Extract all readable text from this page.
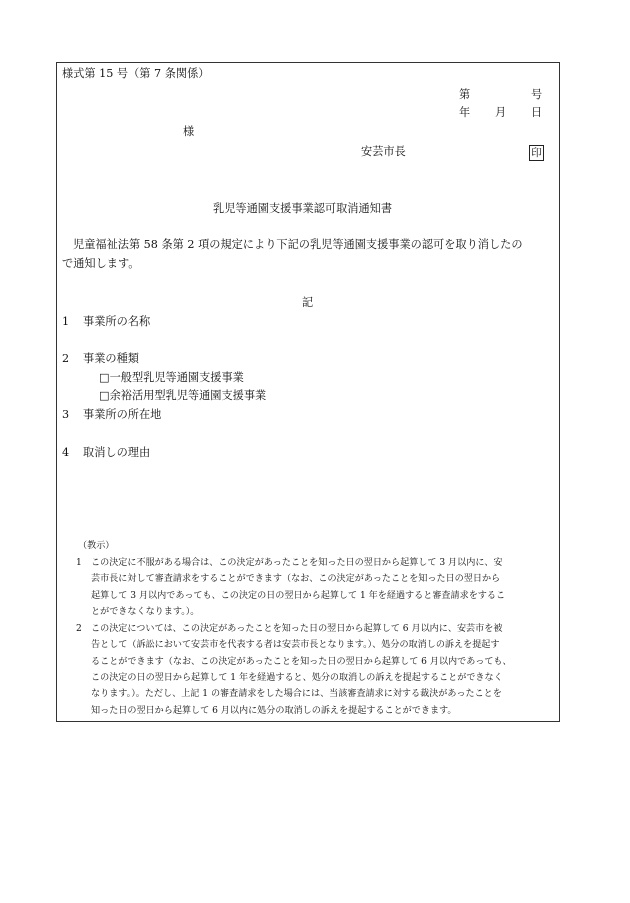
様式第 15 号（第 7 条関係）
第	号
年 月 日
様
安芸市長	印
乳児等通園支援事業認可取消通知書
児童福祉法第 58 条第 2 項の規定により下記の乳児等通園支援事業の認可を取り消したの
で通知します。
記
1 事業所の名称
2 事業の種類
□一般型乳児等通園支援事業
□余裕活用型乳児等通園支援事業
3 事業所の所在地
4 取消しの理由
（教示）
1 この決定に不服がある場合は、この決定があったことを知った日の翌日から起算して 3 月以内に、安
芸市長に対して審査請求をすることができます（なお、この決定があったことを知った日の翌日から
起算して 3 月以内であっても、この決定の日の翌日から起算して 1 年を経過すると審査請求をするこ
とができなくなります。）。
2 この決定については、この決定があったことを知った日の翌日から起算して 6 月以内に、安芸市を被
告として（訴訟において安芸市を代表する者は安芸市長となります。）、処分の取消しの訴えを提起す
ることができます（なお、この決定があったことを知った日の翌日から起算して 6 月以内であっても、
この決定の日の翌日から起算して 1 年を経過すると、処分の取消しの訴えを提起することができなく
なります。）。ただし、上記 1 の審査請求をした場合には、当該審査請求に対する裁決があったことを
知った日の翌日から起算して 6 月以内に処分の取消しの訴えを提起することができます。
